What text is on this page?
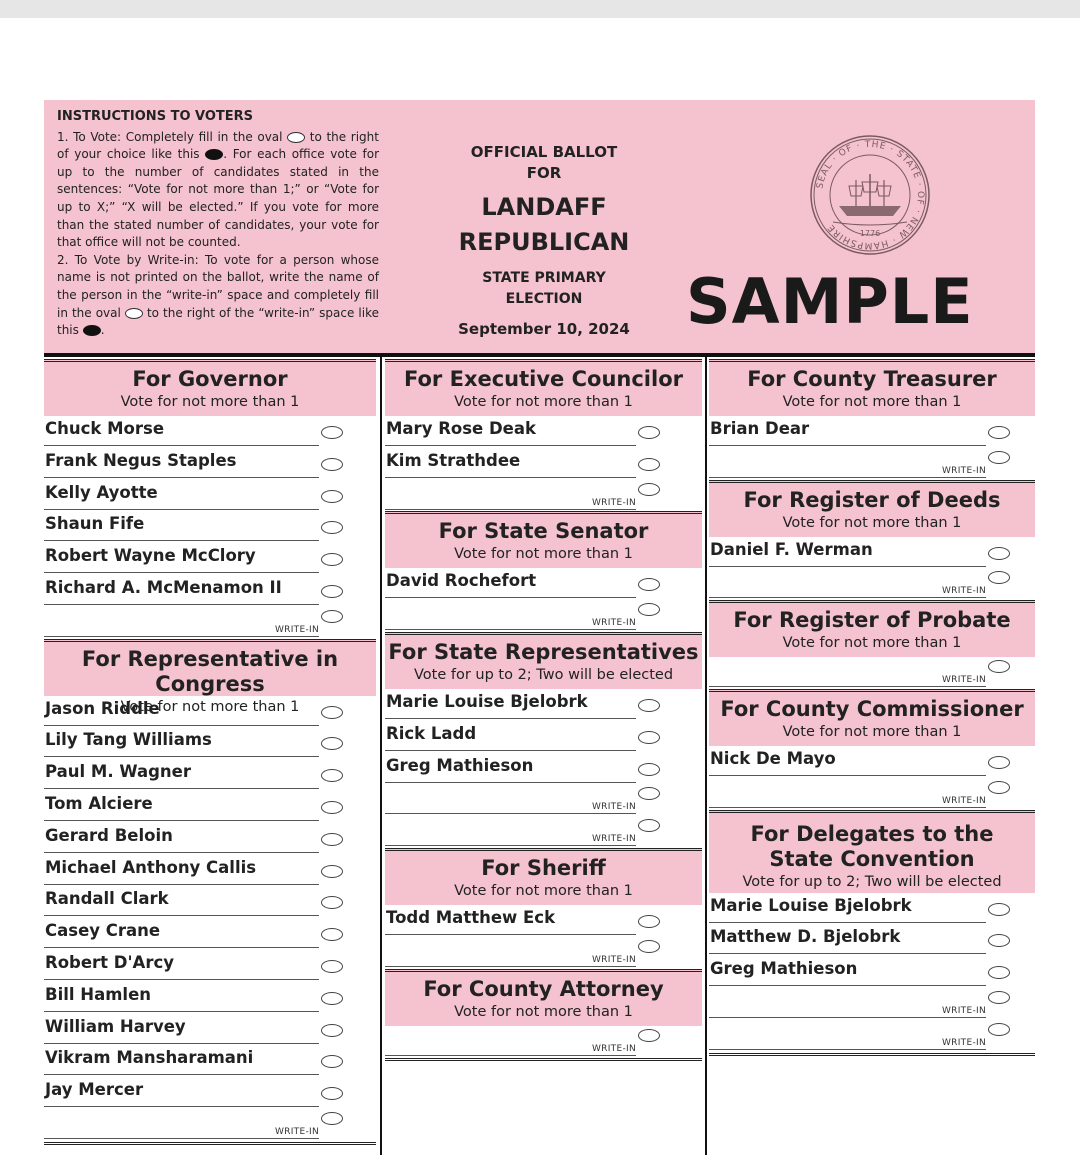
INSTRUCTIONS TO VOTERS

1. To Vote: Completely fill in the oval to the right of your choice like this . For each office vote for up to the number of candidates stated in the sentences: “Vote for not more than 1;” or “Vote for up to X;” “X will be elected.” If you vote for more than the stated number of candidates, your vote for that office will not be counted.

2. To Vote by Write-in: To vote for a person whose name is not printed on the ballot, write the name of the person in the “write-in” space and completely fill in the oval to the right of the “write-in” space like this .

OFFICIAL BALLOT
FOR
LANDAFF
REPUBLICAN
STATE PRIMARY
ELECTION
September 10, 2024
SEAL · OF · THE · STATE · OF · NEW · HAMPSHIRE
1776
SAMPLE
For Governor
Vote for not more than 1
Chuck Morse
Frank Negus Staples
Kelly Ayotte
Shaun Fife
Robert Wayne McClory
Richard A. McMenamon II
WRITE-IN
For Representative in Congress
Vote for not more than 1
Jason Riddle
Lily Tang Williams
Paul M. Wagner
Tom Alciere
Gerard Beloin
Michael Anthony Callis
Randall Clark
Casey Crane
Robert D'Arcy
Bill Hamlen
William Harvey
Vikram Mansharamani
Jay Mercer
WRITE-IN
For Executive Councilor
Vote for not more than 1
Mary Rose Deak
Kim Strathdee
WRITE-IN
For State Senator
Vote for not more than 1
David Rochefort
WRITE-IN
For State Representatives
Vote for up to 2; Two will be elected
Marie Louise Bjelobrk
Rick Ladd
Greg Mathieson
WRITE-IN
WRITE-IN
For Sheriff
Vote for not more than 1
Todd Matthew Eck
WRITE-IN
For County Attorney
Vote for not more than 1
WRITE-IN
For County Treasurer
Vote for not more than 1
Brian Dear
WRITE-IN
For Register of Deeds
Vote for not more than 1
Daniel F. Werman
WRITE-IN
For Register of Probate
Vote for not more than 1
WRITE-IN
For County Commissioner
Vote for not more than 1
Nick De Mayo
WRITE-IN
For Delegates to the
State Convention
Vote for up to 2; Two will be elected
Marie Louise Bjelobrk
Matthew D. Bjelobrk
Greg Mathieson
WRITE-IN
WRITE-IN
